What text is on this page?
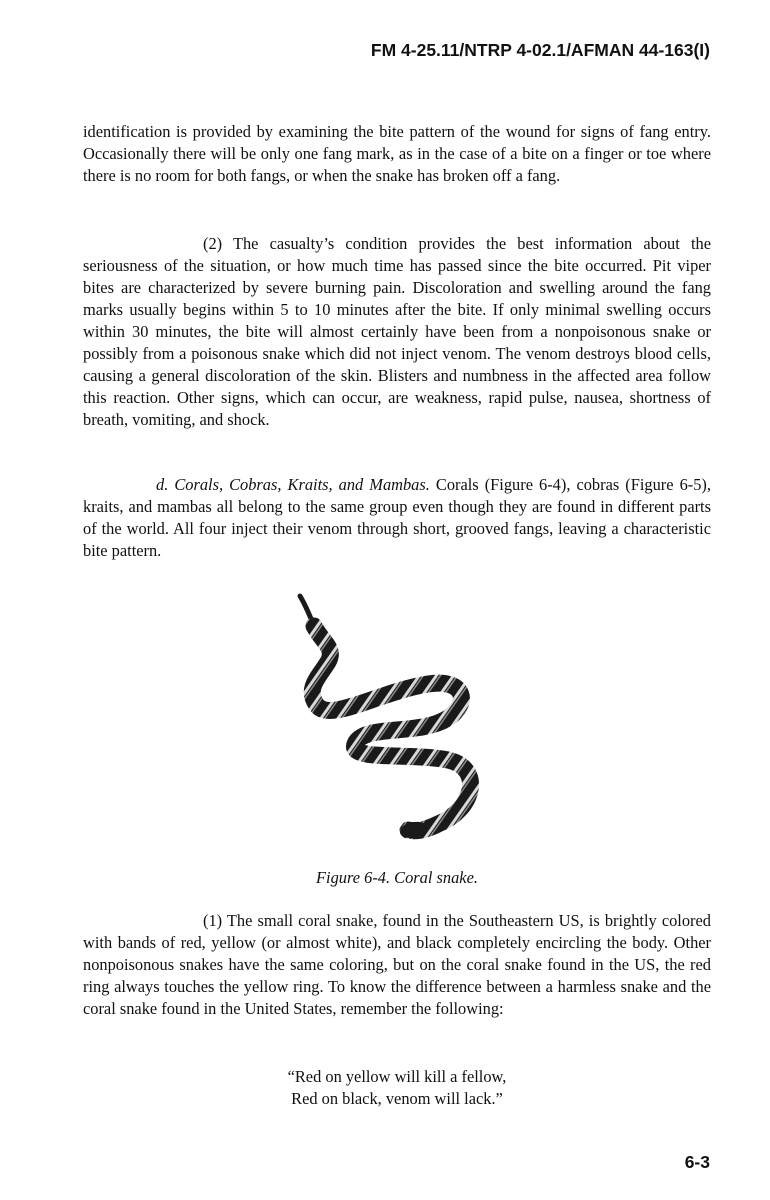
FM 4-25.11/NTRP 4-02.1/AFMAN 44-163(I)
identification is provided by examining the bite pattern of the wound for signs of fang entry. Occasionally there will be only one fang mark, as in the case of a bite on a finger or toe where there is no room for both fangs, or when the snake has broken off a fang.
(2) The casualty’s condition provides the best information about the seriousness of the situation, or how much time has passed since the bite occurred. Pit viper bites are characterized by severe burning pain. Discoloration and swelling around the fang marks usually begins within 5 to 10 minutes after the bite. If only minimal swelling occurs within 30 minutes, the bite will almost certainly have been from a nonpoisonous snake or possibly from a poisonous snake which did not inject venom. The venom destroys blood cells, causing a general discoloration of the skin. Blisters and numbness in the affected area follow this reaction. Other signs, which can occur, are weakness, rapid pulse, nausea, shortness of breath, vomiting, and shock.
d. Corals, Cobras, Kraits, and Mambas. Corals (Figure 6-4), cobras (Figure 6-5), kraits, and mambas all belong to the same group even though they are found in different parts of the world. All four inject their venom through short, grooved fangs, leaving a characteristic bite pattern.
Figure 6-4. Coral snake.
(1) The small coral snake, found in the Southeastern US, is brightly colored with bands of red, yellow (or almost white), and black completely encircling the body. Other nonpoisonous snakes have the same coloring, but on the coral snake found in the US, the red ring always touches the yellow ring. To know the difference between a harmless snake and the coral snake found in the United States, remember the following:
“Red on yellow will kill a fellow,
Red on black, venom will lack.”
6-3
